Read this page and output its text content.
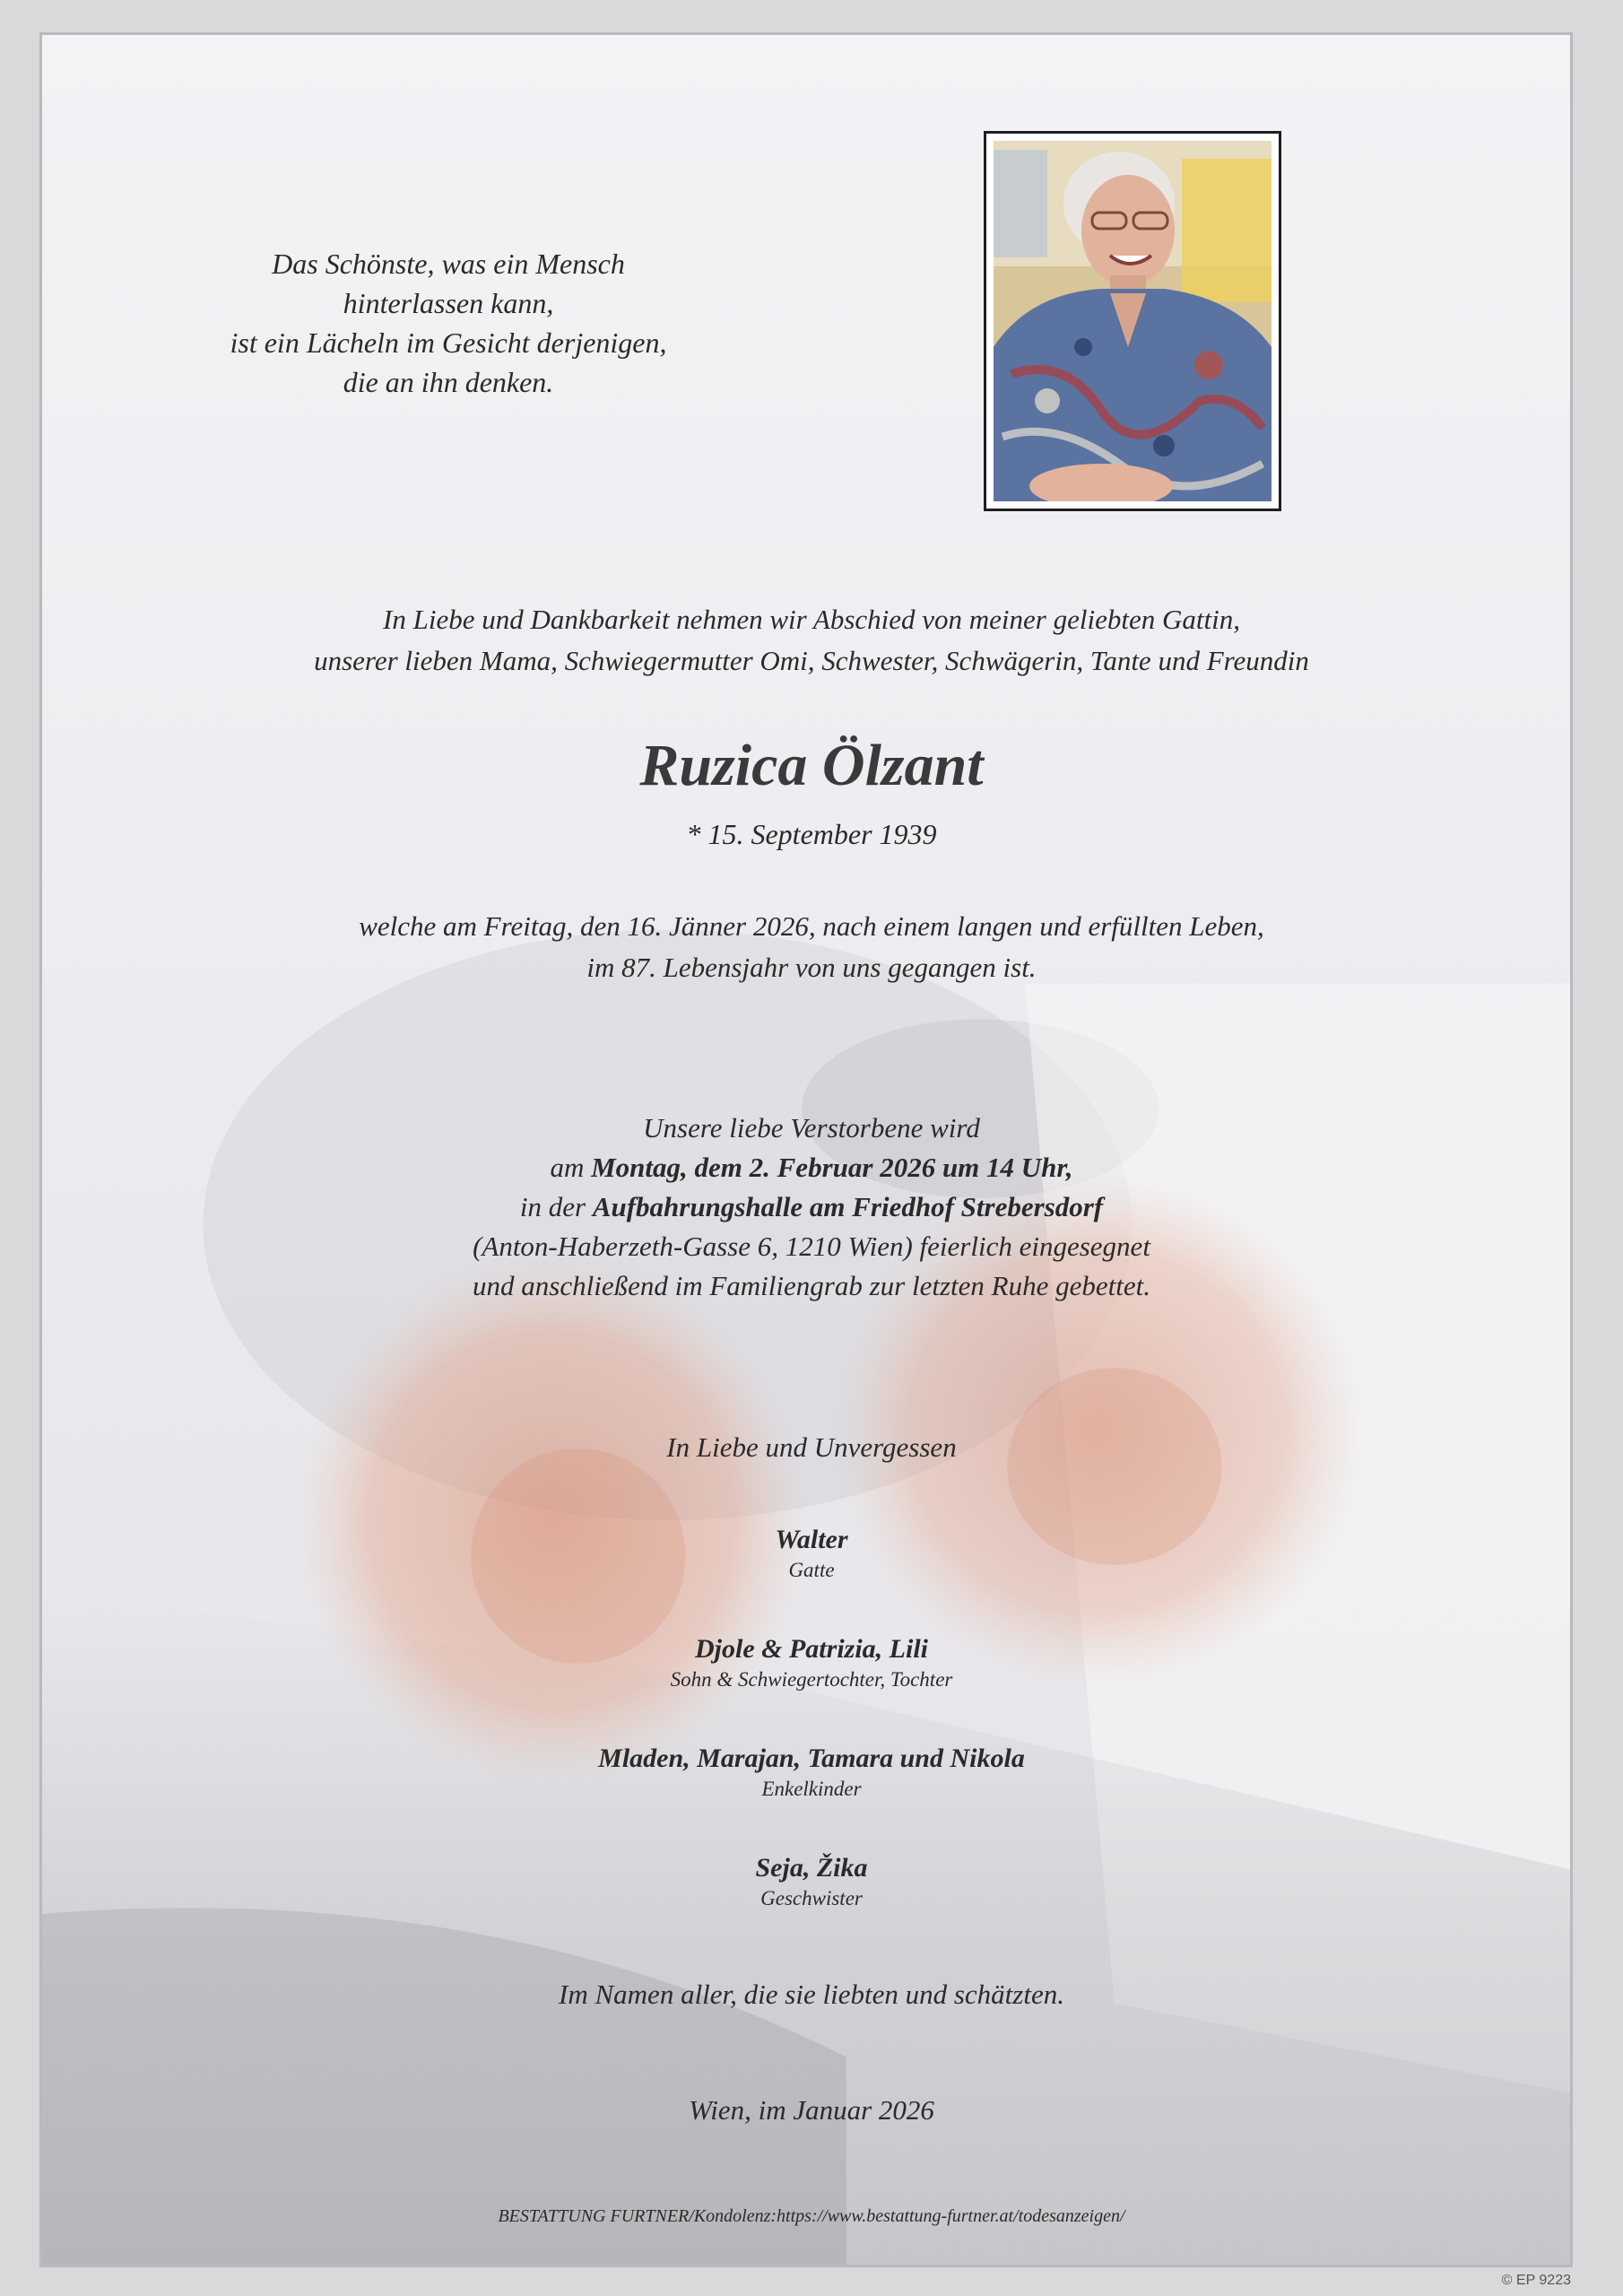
Das Schönste, was ein Mensch
hinterlassen kann,
ist ein Lächeln im Gesicht derjenigen,
die an ihn denken.
In Liebe und Dankbarkeit nehmen wir Abschied von meiner geliebten Gattin,
unserer lieben Mama, Schwiegermutter Omi, Schwester, Schwägerin, Tante und Freundin
Ruzica Ölzant
* 15. September 1939
welche am Freitag, den 16. Jänner 2026, nach einem langen und erfüllten Leben,
im 87. Lebensjahr von uns gegangen ist.
Unsere liebe Verstorbene wird
am Montag, dem 2. Februar 2026 um 14 Uhr,
in der Aufbahrungshalle am Friedhof Strebersdorf
(Anton-Haberzeth-Gasse 6, 1210 Wien) feierlich eingesegnet
und anschließend im Familiengrab zur letzten Ruhe gebettet.
In Liebe und Unvergessen
Walter
Gatte
Djole & Patrizia, Lili
Sohn & Schwiegertochter, Tochter
Mladen, Marajan, Tamara und Nikola
Enkelkinder
Seja, Žika
Geschwister
Im Namen aller, die sie liebten und schätzten.
Wien, im Januar 2026
BESTATTUNG FURTNER/Kondolenz:https://www.bestattung-furtner.at/todesanzeigen/
© EP 9223
